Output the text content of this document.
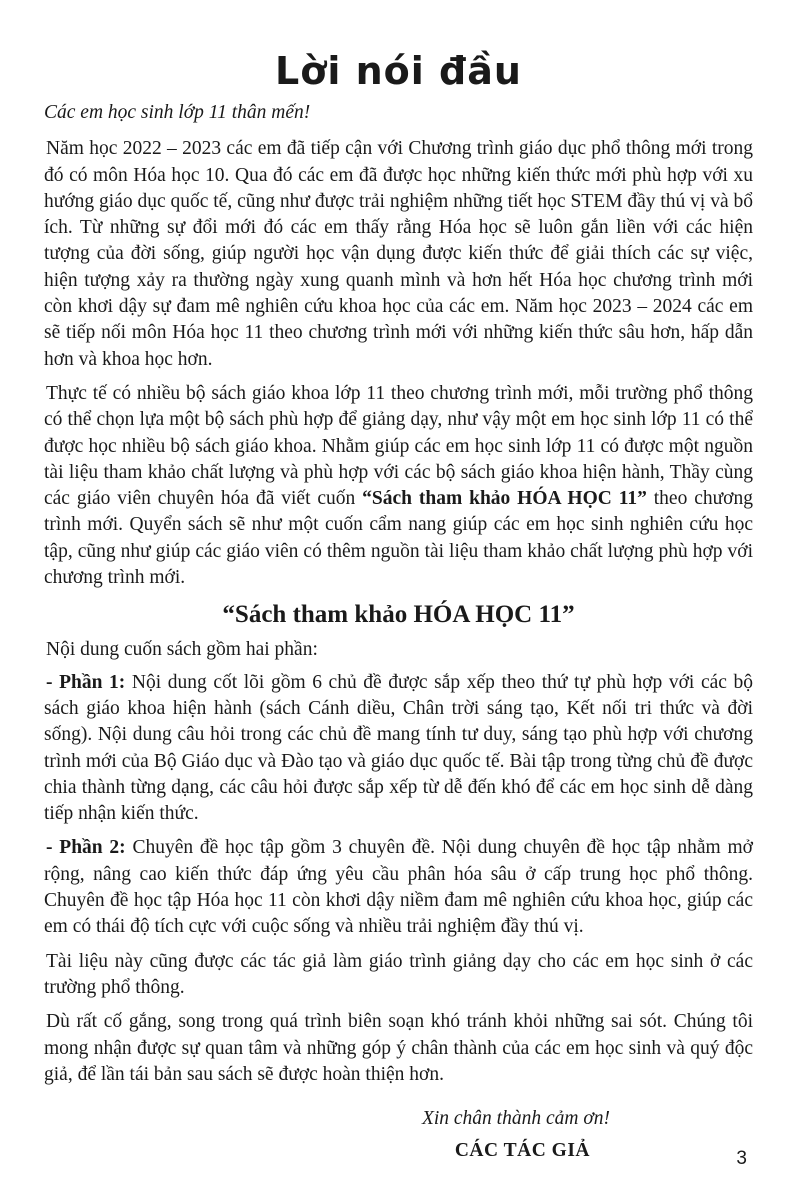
Lời nói đầu
Các em học sinh lớp 11 thân mến!

Năm học 2022 – 2023 các em đã tiếp cận với Chương trình giáo dục phổ thông mới trong đó có môn Hóa học 10. Qua đó các em đã được học những kiến thức mới phù hợp với xu hướng giáo dục quốc tế, cũng như được trải nghiệm những tiết học STEM đầy thú vị và bổ ích. Từ những sự đổi mới đó các em thấy rằng Hóa học sẽ luôn gắn liền với các hiện tượng của đời sống, giúp người học vận dụng được kiến thức để giải thích các sự việc, hiện tượng xảy ra thường ngày xung quanh mình và hơn hết Hóa học chương trình mới còn khơi dậy sự đam mê nghiên cứu khoa học của các em. Năm học 2023 – 2024 các em sẽ tiếp nối môn Hóa học 11 theo chương trình mới với những kiến thức sâu hơn, hấp dẫn hơn và khoa học hơn.

Thực tế có nhiều bộ sách giáo khoa lớp 11 theo chương trình mới, mỗi trường phổ thông có thể chọn lựa một bộ sách phù hợp để giảng dạy, như vậy một em học sinh lớp 11 có thể được học nhiều bộ sách giáo khoa. Nhằm giúp các em học sinh lớp 11 có được một nguồn tài liệu tham khảo chất lượng và phù hợp với các bộ sách giáo khoa hiện hành, Thầy cùng các giáo viên chuyên hóa đã viết cuốn “Sách tham khảo HÓA HỌC 11” theo chương trình mới. Quyển sách sẽ như một cuốn cẩm nang giúp các em học sinh nghiên cứu học tập, cũng như giúp các giáo viên có thêm nguồn tài liệu tham khảo chất lượng phù hợp với chương trình mới.

“Sách tham khảo HÓA HỌC 11”

Nội dung cuốn sách gồm hai phần:

- Phần 1: Nội dung cốt lõi gồm 6 chủ đề được sắp xếp theo thứ tự phù hợp với các bộ sách giáo khoa hiện hành (sách Cánh diều, Chân trời sáng tạo, Kết nối tri thức và đời sống). Nội dung câu hỏi trong các chủ đề mang tính tư duy, sáng tạo phù hợp với chương trình mới của Bộ Giáo dục và Đào tạo và giáo dục quốc tế. Bài tập trong từng chủ đề được chia thành từng dạng, các câu hỏi được sắp xếp từ dễ đến khó để các em học sinh dễ dàng tiếp nhận kiến thức.

- Phần 2: Chuyên đề học tập gồm 3 chuyên đề. Nội dung chuyên đề học tập nhằm mở rộng, nâng cao kiến thức đáp ứng yêu cầu phân hóa sâu ở cấp trung học phổ thông. Chuyên đề học tập Hóa học 11 còn khơi dậy niềm đam mê nghiên cứu khoa học, giúp các em có thái độ tích cực với cuộc sống và nhiều trải nghiệm đầy thú vị.

Tài liệu này cũng được các tác giả làm giáo trình giảng dạy cho các em học sinh ở các trường phổ thông.

Dù rất cố gắng, song trong quá trình biên soạn khó tránh khỏi những sai sót. Chúng tôi mong nhận được sự quan tâm và những góp ý chân thành của các em học sinh và quý độc giả, để lần tái bản sau sách sẽ được hoàn thiện hơn.

Xin chân thành cảm ơn!
CÁC TÁC GIẢ	3
